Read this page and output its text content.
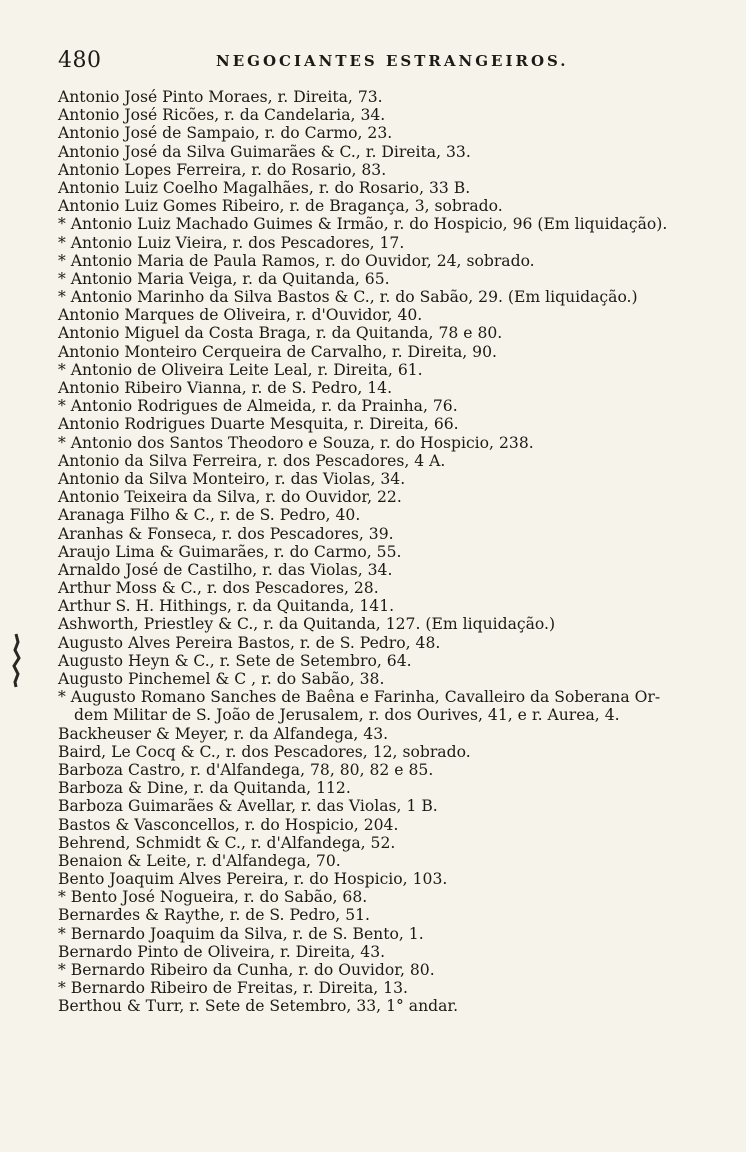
480	NEGOCIANTES ESTRANGEIROS.
Antonio José Pinto Moraes, r. Direita, 73.
Antonio José Ricões, r. da Candelaria, 34.
Antonio José de Sampaio, r. do Carmo, 23.
Antonio José da Silva Guimarães & C., r. Direita, 33.
Antonio Lopes Ferreira, r. do Rosario, 83.
Antonio Luiz Coelho Magalhães, r. do Rosario, 33 B.
Antonio Luiz Gomes Ribeiro, r. de Bragança, 3, sobrado.
* Antonio Luiz Machado Guimes & Irmão, r. do Hospicio, 96 (Em liquidação).
* Antonio Luiz Vieira, r. dos Pescadores, 17.
* Antonio Maria de Paula Ramos, r. do Ouvidor, 24, sobrado.
* Antonio Maria Veiga, r. da Quitanda, 65.
* Antonio Marinho da Silva Bastos & C., r. do Sabão, 29. (Em liquidação.)
Antonio Marques de Oliveira, r. d'Ouvidor, 40.
Antonio Miguel da Costa Braga, r. da Quitanda, 78 e 80.
Antonio Monteiro Cerqueira de Carvalho, r. Direita, 90.
* Antonio de Oliveira Leite Leal, r. Direita, 61.
Antonio Ribeiro Vianna, r. de S. Pedro, 14.
* Antonio Rodrigues de Almeida, r. da Prainha, 76.
Antonio Rodrigues Duarte Mesquita, r. Direita, 66.
* Antonio dos Santos Theodoro e Souza, r. do Hospicio, 238.
Antonio da Silva Ferreira, r. dos Pescadores, 4 A.
Antonio da Silva Monteiro, r. das Violas, 34.
Antonio Teixeira da Silva, r. do Ouvidor, 22.
Aranaga Filho & C., r. de S. Pedro, 40.
Aranhas & Fonseca, r. dos Pescadores, 39.
Araujo Lima & Guimarães, r. do Carmo, 55.
Arnaldo José de Castilho, r. das Violas, 34.
Arthur Moss & C., r. dos Pescadores, 28.
Arthur S. H. Hithings, r. da Quitanda, 141.
Ashworth, Priestley & C., r. da Quitanda, 127. (Em liquidação.)
Augusto Alves Pereira Bastos, r. de S. Pedro, 48.
Augusto Heyn & C., r. Sete de Setembro, 64.
Augusto Pinchemel & C , r. do Sabão, 38.
* Augusto Romano Sanches de Baêna e Farinha, Cavalleiro da Soberana Or-
dem Militar de S. João de Jerusalem, r. dos Ourives, 41, e r. Aurea, 4.
Backheuser & Meyer, r. da Alfandega, 43.
Baird, Le Cocq & C., r. dos Pescadores, 12, sobrado.
Barboza Castro, r. d'Alfandega, 78, 80, 82 e 85.
Barboza & Dine, r. da Quitanda, 112.
Barboza Guimarães & Avellar, r. das Violas, 1 B.
Bastos & Vasconcellos, r. do Hospicio, 204.
Behrend, Schmidt & C., r. d'Alfandega, 52.
Benaion & Leite, r. d'Alfandega, 70.
Bento Joaquim Alves Pereira, r. do Hospicio, 103.
* Bento José Nogueira, r. do Sabão, 68.
Bernardes & Raythe, r. de S. Pedro, 51.
* Bernardo Joaquim da Silva, r. de S. Bento, 1.
Bernardo Pinto de Oliveira, r. Direita, 43.
* Bernardo Ribeiro da Cunha, r. do Ouvidor, 80.
* Bernardo Ribeiro de Freitas, r. Direita, 13.
Berthou & Turr, r. Sete de Setembro, 33, 1° andar.
